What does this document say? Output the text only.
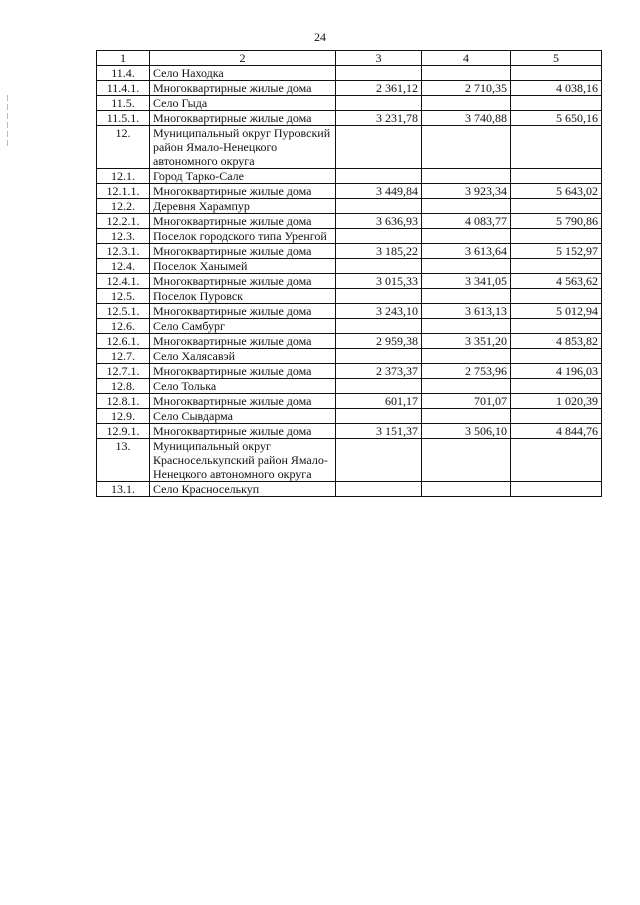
24
1	2	3	4	5
11.4.	Село Находка			
11.4.1.	Многоквартирные жилые дома	2 361,12	2 710,35	4 038,16
11.5.	Село Гыда			
11.5.1.	Многоквартирные жилые дома	3 231,78	3 740,88	5 650,16
12.	Муниципальный округ Пуровский район Ямало-Ненецкого автономного округа			
12.1.	Город Тарко-Сале			
12.1.1.	Многоквартирные жилые дома	3 449,84	3 923,34	5 643,02
12.2.	Деревня Харампур			
12.2.1.	Многоквартирные жилые дома	3 636,93	4 083,77	5 790,86
12.3.	Поселок городского типа Уренгой			
12.3.1.	Многоквартирные жилые дома	3 185,22	3 613,64	5 152,97
12.4.	Поселок Ханымей			
12.4.1.	Многоквартирные жилые дома	3 015,33	3 341,05	4 563,62
12.5.	Поселок Пуровск			
12.5.1.	Многоквартирные жилые дома	3 243,10	3 613,13	5 012,94
12.6.	Село Самбург			
12.6.1.	Многоквартирные жилые дома	2 959,38	3 351,20	4 853,82
12.7.	Село Халясавэй			
12.7.1.	Многоквартирные жилые дома	2 373,37	2 753,96	4 196,03
12.8.	Село Толька			
12.8.1.	Многоквартирные жилые дома	601,17	701,07	1 020,39
12.9.	Село Сывдарма			
12.9.1.	Многоквартирные жилые дома	3 151,37	3 506,10	4 844,76
13.	Муниципальный округ Красноселькупский район Ямало-Ненецкого автономного округа			
13.1.	Село Красноселькуп			
